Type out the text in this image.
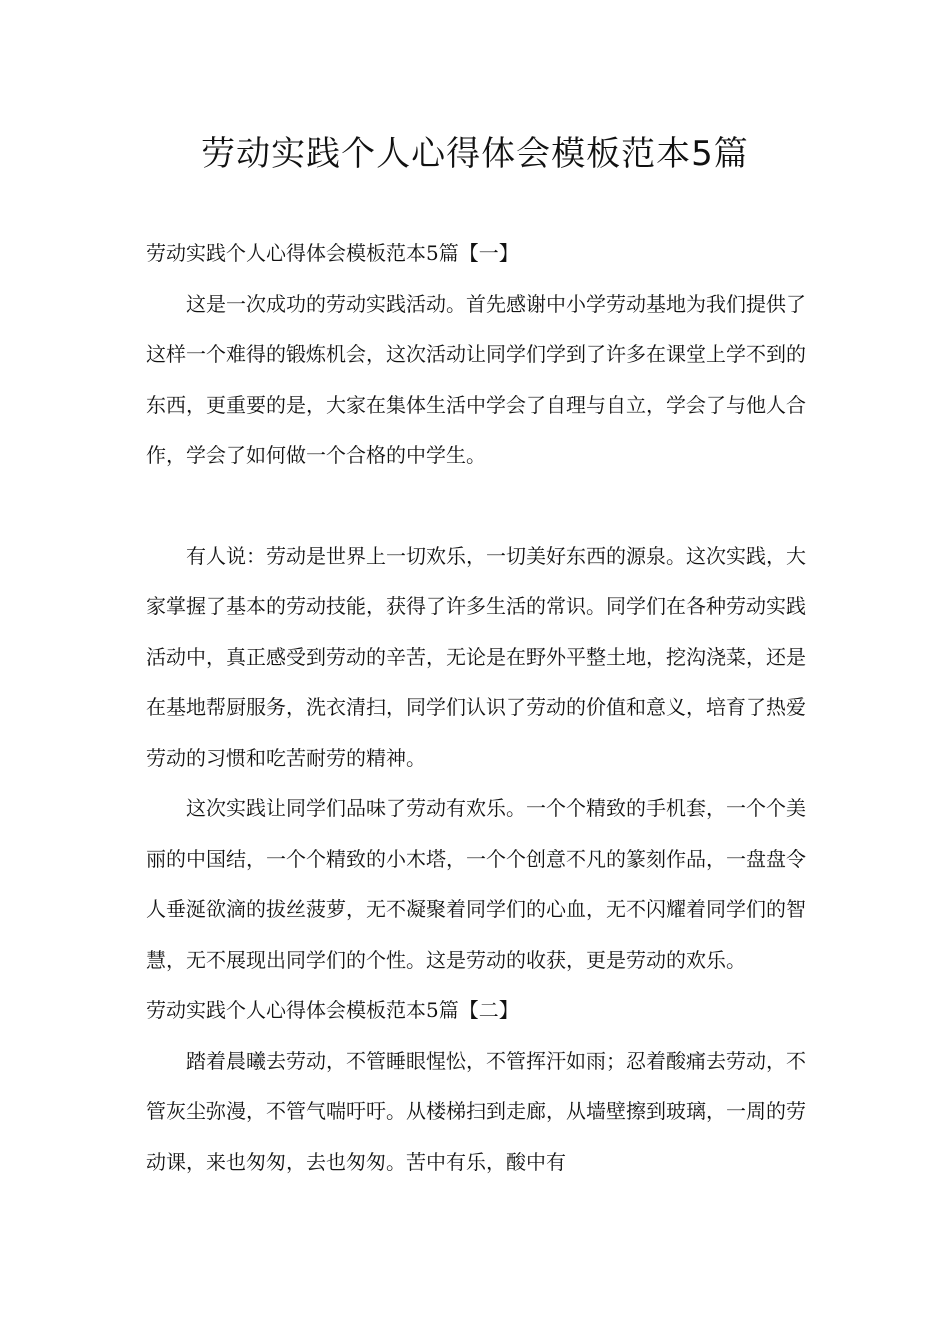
劳动实践个人心得体会模板范本5篇
劳动实践个人心得体会模板范本5篇【一】

这是一次成功的劳动实践活动。首先感谢中小学劳动基地为我们提供了这样一个难得的锻炼机会，这次活动让同学们学到了许多在课堂上学不到的东西，更重要的是，大家在集体生活中学会了自理与自立，学会了与他人合作，学会了如何做一个合格的中学生。

有人说：劳动是世界上一切欢乐，一切美好东西的源泉。这次实践，大家掌握了基本的劳动技能，获得了许多生活的常识。同学们在各种劳动实践活动中，真正感受到劳动的辛苦，无论是在野外平整土地，挖沟浇菜，还是在基地帮厨服务，洗衣清扫，同学们认识了劳动的价值和意义，培育了热爱劳动的习惯和吃苦耐劳的精神。

这次实践让同学们品味了劳动有欢乐。一个个精致的手机套，一个个美丽的中国结，一个个精致的小木塔，一个个创意不凡的篆刻作品，一盘盘令人垂涎欲滴的拔丝菠萝，无不凝聚着同学们的心血，无不闪耀着同学们的智慧，无不展现出同学们的个性。这是劳动的收获，更是劳动的欢乐。

劳动实践个人心得体会模板范本5篇【二】

踏着晨曦去劳动，不管睡眼惺忪，不管挥汗如雨；忍着酸痛去劳动，不管灰尘弥漫，不管气喘吁吁。从楼梯扫到走廊，从墙壁擦到玻璃，一周的劳动课，来也匆匆，去也匆匆。苦中有乐，酸中有
